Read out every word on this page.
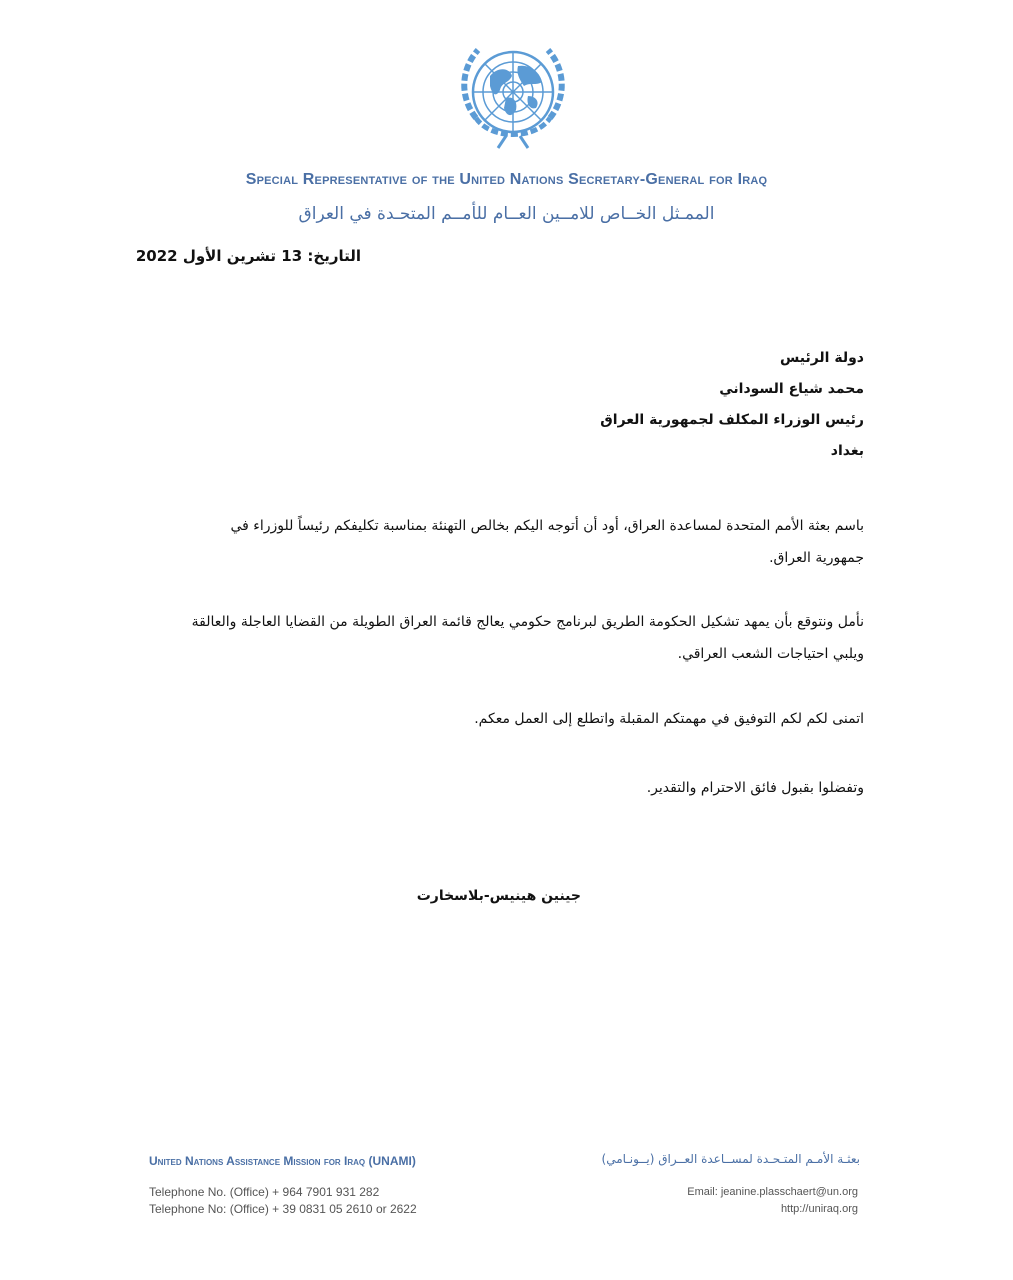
Special Representative of the United Nations Secretary-General for Iraq
الممـثل الخــاص للامــين العــام للأمــم المتحـدة في العراق
التاريخ: 13 تشرين الأول 2022
دولة الرئيس
محمد شياع السوداني
رئيس الوزراء المكلف لجمهورية العراق
بغداد
باسم بعثة الأمم المتحدة لمساعدة العراق، أود أن أتوجه اليكم بخالص التهنئة بمناسبة تكليفكم رئيساً للوزراء في جمهورية العراق.
نأمل ونتوقع بأن يمهد تشكيل الحكومة الطريق لبرنامج حكومي يعالج قائمة العراق الطويلة من القضايا العاجلة والعالقة ويلبي احتياجات الشعب العراقي.
اتمنى لكم لكم التوفيق في مهمتكم المقبلة واتطلع إلى العمل معكم.
وتفضلوا بقبول فائق الاحترام والتقدير.
جينين هينيس-بلاسخارت
United Nations Assistance Mission for Iraq (UNAMI)	بعثـة الأمـم المتـحـدة لمســاعدة العــراق (يــونـامي)
Telephone No. (Office) + 964 7901 931 282
Telephone No: (Office) + 39 0831 05 2610 or 2622
Email: jeanine.plasschaert@un.org
http://uniraq.org
